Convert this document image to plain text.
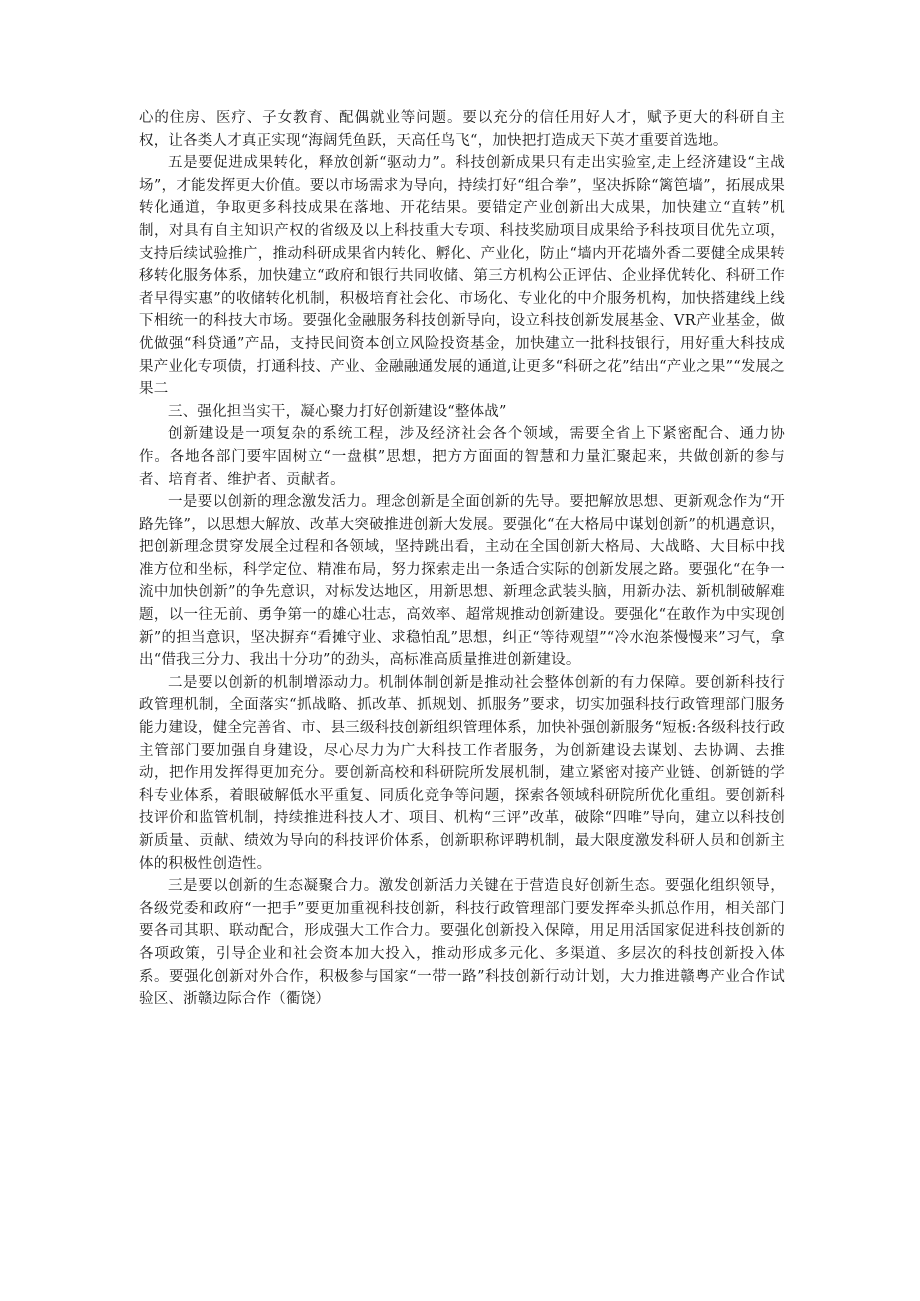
心的住房、医疗、子女教育、配偶就业等问题。要以充分的信任用好人才，赋予更大的科研自主权，让各类人才真正实现“海阔凭鱼跃，天高任鸟飞“，加快把打造成天下英才重要首选地。

五是要促进成果转化，释放创新“驱动力”。科技创新成果只有走出实验室,走上经济建设“主战场”，才能发挥更大价值。要以市场需求为导向，持续打好“组合拳”，坚决拆除“篱笆墙”，拓展成果转化通道，争取更多科技成果在落地、开花结果。要错定产业创新出大成果，加快建立“直转”机制，对具有自主知识产权的省级及以上科技重大专项、科技奖励项目成果给予科技项目优先立项，支持后续试验推广，推动科研成果省内转化、孵化、产业化，防止“墙内开花墙外香二要健全成果转移转化服务体系，加快建立“政府和银行共同收储、第三方机构公正评估、企业择优转化、科研工作者早得实惠”的收储转化机制，积极培育社会化、市场化、专业化的中介服务机构，加快搭建线上线下相统一的科技大市场。要强化金融服务科技创新导向，设立科技创新发展基金、VR产业基金，做优做强“科贷通”产品，支持民间资本创立风险投资基金，加快建立一批科技银行，用好重大科技成果产业化专项债，打通科技、产业、金融融通发展的通道,让更多“科研之花”结出“产业之果”“发展之果二

三、强化担当实干，凝心聚力打好创新建设“整体战”

创新建设是一项复杂的系统工程，涉及经济社会各个领域，需要全省上下紧密配合、通力协作。各地各部门要牢固树立“一盘棋”思想，把方方面面的智慧和力量汇聚起来，共做创新的参与者、培育者、维护者、贡献者。

一是要以创新的理念激发活力。理念创新是全面创新的先导。要把解放思想、更新观念作为“开路先锋”，以思想大解放、改革大突破推进创新大发展。要强化“在大格局中谋划创新”的机遇意识，把创新理念贯穿发展全过程和各领域，坚持跳出看，主动在全国创新大格局、大战略、大目标中找准方位和坐标，科学定位、精准布局，努力探索走出一条适合实际的创新发展之路。要强化“在争一流中加快创新”的争先意识，对标发达地区，用新思想、新理念武装头脑，用新办法、新机制破解难题，以一往无前、勇争第一的雄心壮志，高效率、超常规推动创新建设。要强化“在敢作为中实现创新”的担当意识，坚决摒弃“看摊守业、求稳怕乱”思想，纠正“等待观望”“冷水泡茶慢慢来”习气，拿出“借我三分力、我出十分功”的劲头，高标准高质量推进创新建设。

二是要以创新的机制增添动力。机制体制创新是推动社会整体创新的有力保障。要创新科技行政管理机制，全面落实“抓战略、抓改革、抓规划、抓服务”要求，切实加强科技行政管理部门服务能力建设，健全完善省、市、县三级科技创新组织管理体系，加快补强创新服务“短板:各级科技行政主管部门要加强自身建设，尽心尽力为广大科技工作者服务，为创新建设去谋划、去协调、去推动，把作用发挥得更加充分。要创新高校和科研院所发展机制，建立紧密对接产业链、创新链的学科专业体系，着眼破解低水平重复、同质化竞争等问题，探索各领域科研院所优化重组。要创新科技评价和监管机制，持续推进科技人才、项目、机构“三评”改革，破除“四唯”导向，建立以科技创新质量、贡献、绩效为导向的科技评价体系，创新职称评聘机制，最大限度激发科研人员和创新主体的积极性创造性。

三是要以创新的生态凝聚合力。激发创新活力关键在于营造良好创新生态。要强化组织领导，各级党委和政府“一把手”要更加重视科技创新，科技行政管理部门要发挥牵头抓总作用，相关部门要各司其职、联动配合，形成强大工作合力。要强化创新投入保障，用足用活国家促进科技创新的各项政策，引导企业和社会资本加大投入，推动形成多元化、多渠道、多层次的科技创新投入体系。要强化创新对外合作，积极参与国家“一带一路”科技创新行动计划，大力推进赣粤产业合作试验区、浙赣边际合作（衢饶）
